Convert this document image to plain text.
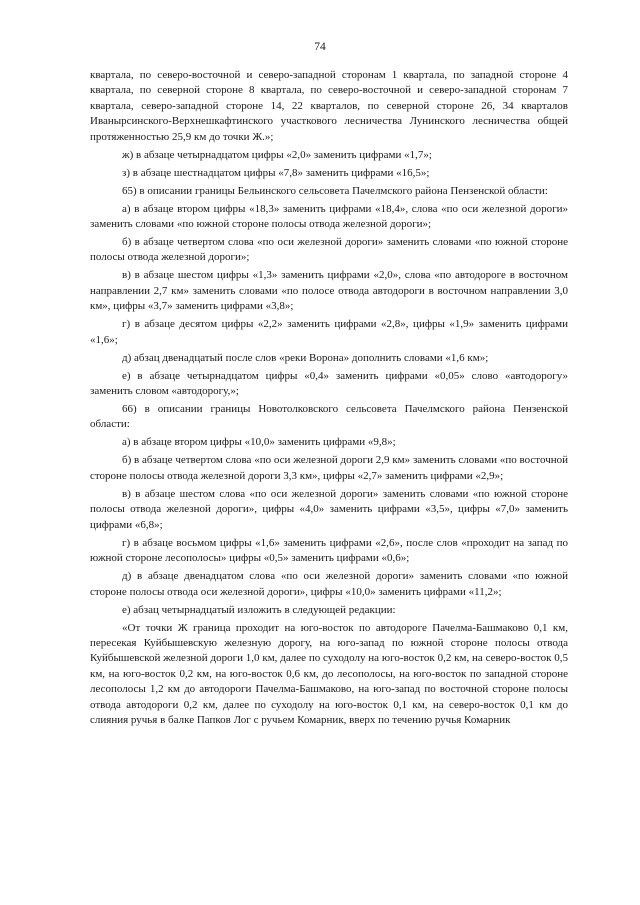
74

квартала, по северо-восточной и северо-западной сторонам 1 квартала, по западной стороне 4 квартала, по северной стороне 8 квартала, по северо-восточной и северо-западной сторонам 7 квартала, северо-западной стороне 14, 22 кварталов, по северной стороне 26, 34 кварталов Иваныpсинского-Верхнешкафтинского участкового лесничества Лунинского лесничества общей протяженностью 25,9 км до точки Ж.»;

ж) в абзаце четырнадцатом цифры «2,0» заменить цифрами «1,7»;

з) в абзаце шестнадцатом цифры «7,8» заменить цифрами «16,5»;

65) в описании границы Бельинского сельсовета Пачелмского района Пензенской области:

а) в абзаце втором цифры «18,3» заменить цифрами «18,4», слова «по оси железной дороги» заменить словами «по южной стороне полосы отвода железной дороги»;

б) в абзаце четвертом слова «по оси железной дороги» заменить словами «по южной стороне полосы отвода железной дороги»;

в) в абзаце шестом цифры «1,3» заменить цифрами «2,0», слова «по автодороге в восточном направлении 2,7 км» заменить словами «по полосе отвода автодороги в восточном направлении 3,0 км», цифры «3,7» заменить цифрами «3,8»;

г) в абзаце десятом цифры «2,2» заменить цифрами «2,8», цифры «1,9» заменить цифрами «1,6»;

д) абзац двенадцатый после слов «реки Ворона» дополнить словами «1,6 км»;

е) в абзаце четырнадцатом цифры «0,4» заменить цифрами «0,05» слово «автодорогу» заменить словом «автодорогу,»;

66) в описании границы Новотолковского сельсовета Пачелмского района Пензенской области:

а) в абзаце втором цифры «10,0» заменить цифрами «9,8»;

б) в абзаце четвертом слова «по оси железной дороги 2,9 км» заменить словами «по восточной стороне полосы отвода железной дороги 3,3 км», цифры «2,7» заменить цифрами «2,9»;

в) в абзаце шестом слова «по оси железной дороги» заменить словами «по южной стороне полосы отвода железной дороги», цифры «4,0» заменить цифрами «3,5», цифры «7,0» заменить цифрами «6,8»;

г) в абзаце восьмом цифры «1,6» заменить цифрами «2,6», после слов «проходит на запад по южной стороне лесополосы» цифры «0,5» заменить цифрами «0,6»;

д) в абзаце двенадцатом слова «по оси железной дороги» заменить словами «по южной стороне полосы отвода оси железной дороги», цифры «10,0» заменить цифрами «11,2»;

е) абзац четырнадцатый изложить в следующей редакции:

«От точки Ж граница проходит на юго-восток по автодороге Пачелма-Башмаково 0,1 км, пересекая Куйбышевскую железную дорогу, на юго-запад по южной стороне полосы отвода Куйбышевской железной дороги 1,0 км, далее по суходолу на юго-восток 0,2 км, на северо-восток 0,5 км, на юго-восток 0,2 км, на юго-восток 0,6 км, до лесополосы, на юго-восток по западной стороне лесополосы 1,2 км до автодороги Пачелма-Башмаково, на юго-запад по восточной стороне полосы отвода автодороги 0,2 км, далее по суходолу на юго-восток 0,1 км, на северо-восток 0,1 км до слияния ручья в балке Папков Лог с ручьем Комарник, вверх по течению ручья Комарник
